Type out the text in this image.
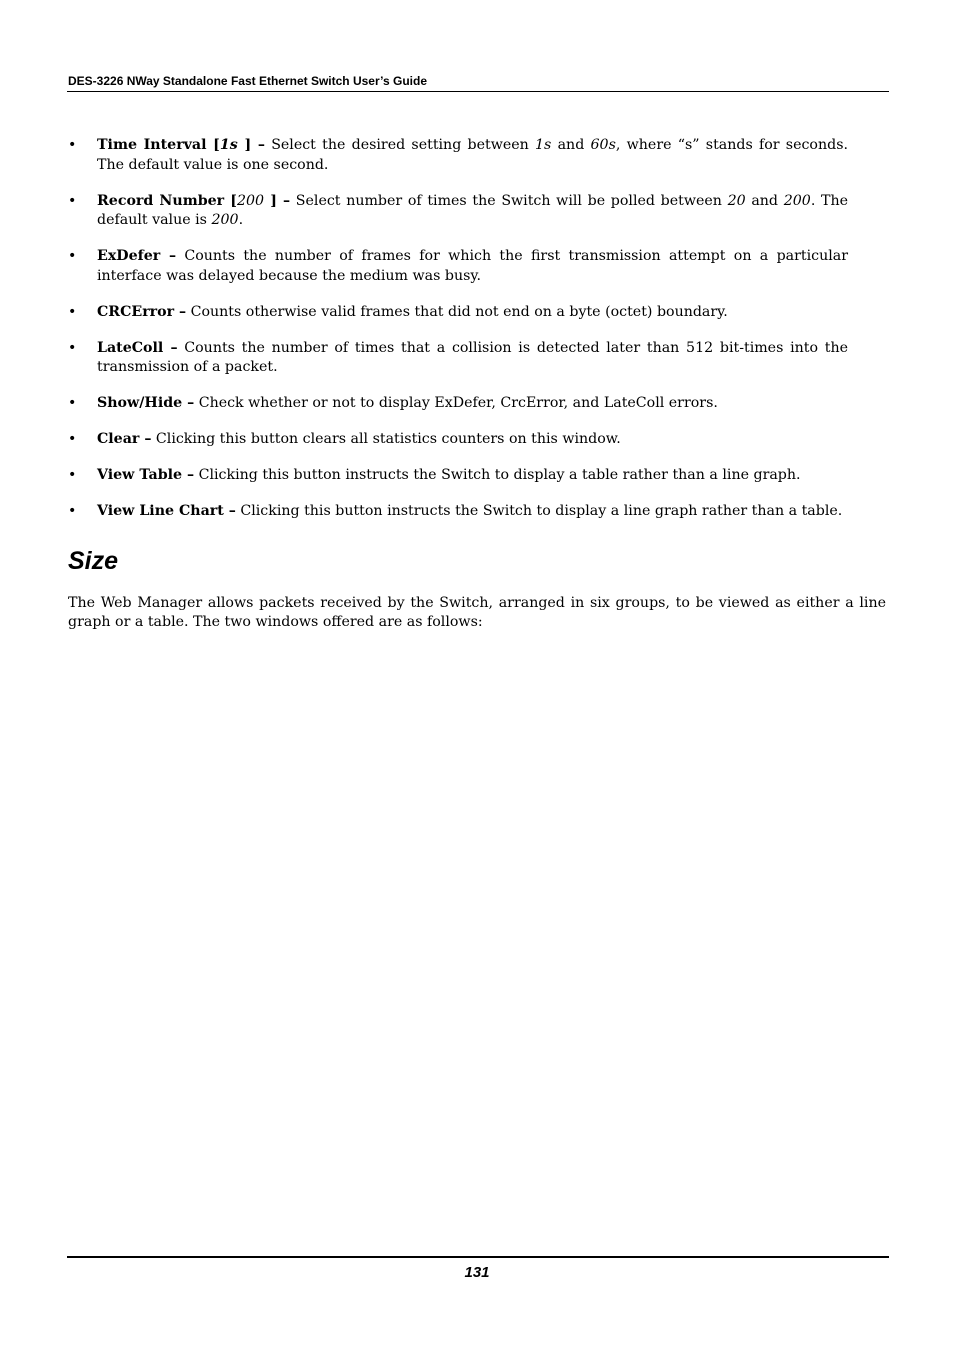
DES-3226 NWay Standalone Fast Ethernet Switch User’s Guide
• Time Interval [1s ] – Select the desired setting between 1s and 60s, where “s” stands for seconds. The default value is one second.
• Record Number [200 ] – Select number of times the Switch will be polled between 20 and 200. The default value is 200.
• ExDefer – Counts the number of frames for which the first transmission attempt on a particular interface was delayed because the medium was busy.
• CRCError – Counts otherwise valid frames that did not end on a byte (octet) boundary.
• LateColl – Counts the number of times that a collision is detected later than 512 bit-times into the transmission of a packet.
• Show/Hide – Check whether or not to display ExDefer, CrcError, and LateColl errors.
• Clear – Clicking this button clears all statistics counters on this window.
• View Table – Clicking this button instructs the Switch to display a table rather than a line graph.
• View Line Chart – Clicking this button instructs the Switch to display a line graph rather than a table.
Size

The Web Manager allows packets received by the Switch, arranged in six groups, to be viewed as either a line graph or a table. The two windows offered are as follows:

131
